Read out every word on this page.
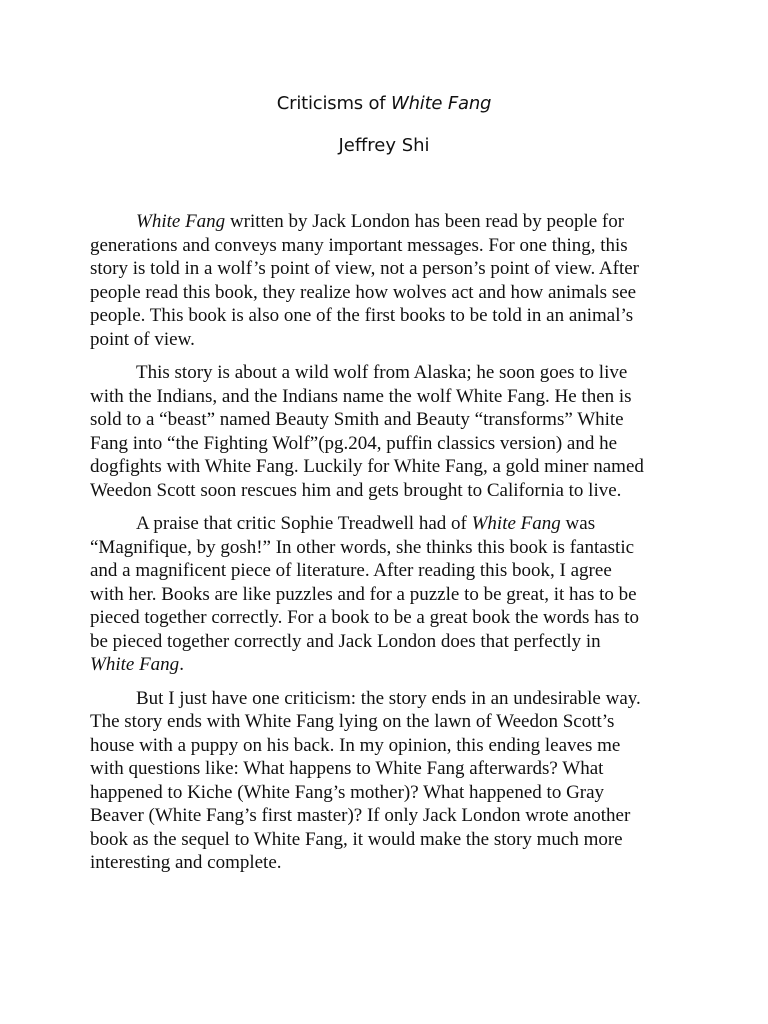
Criticisms of White Fang
Jeffrey Shi
White Fang written by Jack London has been read by people for
generations and conveys many important messages. For one thing, this
story is told in a wolf’s point of view, not a person’s point of view. After
people read this book, they realize how wolves act and how animals see
people. This book is also one of the first books to be told in an animal’s
point of view.
This story is about a wild wolf from Alaska; he soon goes to live
with the Indians, and the Indians name the wolf White Fang. He then is
sold to a “beast” named Beauty Smith and Beauty “transforms” White
Fang into “the Fighting Wolf”(pg.204, puffin classics version) and he
dogfights with White Fang. Luckily for White Fang, a gold miner named
Weedon Scott soon rescues him and gets brought to California to live.
A praise that critic Sophie Treadwell had of White Fang was
“Magnifique, by gosh!” In other words, she thinks this book is fantastic
and a magnificent piece of literature. After reading this book, I agree
with her. Books are like puzzles and for a puzzle to be great, it has to be
pieced together correctly. For a book to be a great book the words has to
be pieced together correctly and Jack London does that perfectly in
White Fang.
But I just have one criticism: the story ends in an undesirable way.
The story ends with White Fang lying on the lawn of Weedon Scott’s
house with a puppy on his back. In my opinion, this ending leaves me
with questions like: What happens to White Fang afterwards? What
happened to Kiche (White Fang’s mother)? What happened to Gray
Beaver (White Fang’s first master)? If only Jack London wrote another
book as the sequel to White Fang, it would make the story much more
interesting and complete.
